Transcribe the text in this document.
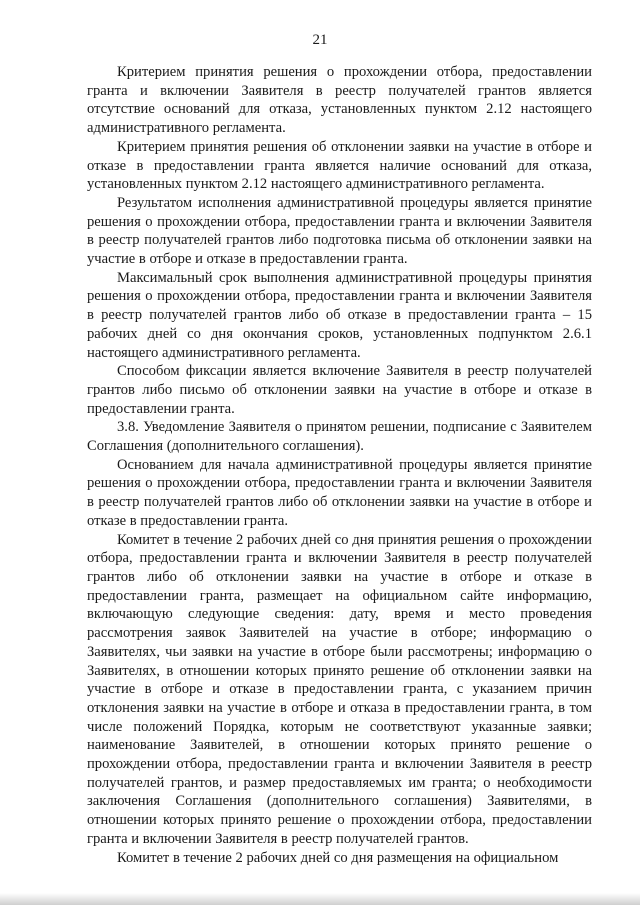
21

Критерием принятия решения о прохождении отбора, предоставлении гранта и включении Заявителя в реестр получателей грантов является отсутствие оснований для отказа, установленных пунктом 2.12 настоящего административного регламента.

Критерием принятия решения об отклонении заявки на участие в отборе и отказе в предоставлении гранта является наличие оснований для отказа, установленных пунктом 2.12 настоящего административного регламента.

Результатом исполнения административной процедуры является принятие решения о прохождении отбора, предоставлении гранта и включении Заявителя в реестр получателей грантов либо подготовка письма об отклонении заявки на участие в отборе и отказе в предоставлении гранта.

Максимальный срок выполнения административной процедуры принятия решения о прохождении отбора, предоставлении гранта и включении Заявителя в реестр получателей грантов либо об отказе в предоставлении гранта – 15 рабочих дней со дня окончания сроков, установленных подпунктом 2.6.1 настоящего административного регламента.

Способом фиксации является включение Заявителя в реестр получателей грантов либо письмо об отклонении заявки на участие в отборе и отказе в предоставлении гранта.

3.8. Уведомление Заявителя о принятом решении, подписание с Заявителем Соглашения (дополнительного соглашения).

Основанием для начала административной процедуры является принятие решения о прохождении отбора, предоставлении гранта и включении Заявителя в реестр получателей грантов либо об отклонении заявки на участие в отборе и отказе в предоставлении гранта.

Комитет в течение 2 рабочих дней со дня принятия решения о прохождении отбора, предоставлении гранта и включении Заявителя в реестр получателей грантов либо об отклонении заявки на участие в отборе и отказе в предоставлении гранта, размещает на официальном сайте информацию, включающую следующие сведения: дату, время и место проведения рассмотрения заявок Заявителей на участие в отборе; информацию о Заявителях, чьи заявки на участие в отборе были рассмотрены; информацию о Заявителях, в отношении которых принято решение об отклонении заявки на участие в отборе и отказе в предоставлении гранта, с указанием причин отклонения заявки на участие в отборе и отказа в предоставлении гранта, в том числе положений Порядка, которым не соответствуют указанные заявки; наименование Заявителей, в отношении которых принято решение о прохождении отбора, предоставлении гранта и включении Заявителя в реестр получателей грантов, и размер предоставляемых им гранта; о необходимости заключения Соглашения (дополнительного соглашения) Заявителями, в отношении которых принято решение о прохождении отбора, предоставлении гранта и включении Заявителя в реестр получателей грантов.

Комитет в течение 2 рабочих дней со дня размещения на официальном
